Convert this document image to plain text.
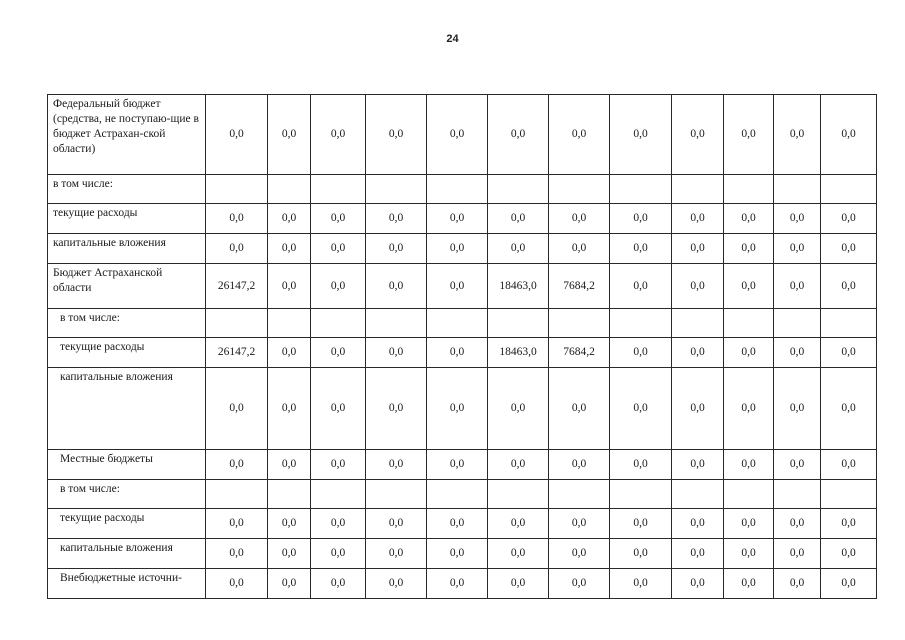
24
Федеральный бюджет (средства, не поступаю-щие в бюджет Астрахан-ской области)	0,0	0,0	0,0	0,0	0,0	0,0	0,0	0,0	0,0	0,0	0,0	0,0
в том числе:												
текущие расходы	0,0	0,0	0,0	0,0	0,0	0,0	0,0	0,0	0,0	0,0	0,0	0,0
капитальные вложения	0,0	0,0	0,0	0,0	0,0	0,0	0,0	0,0	0,0	0,0	0,0	0,0
Бюджет Астраханской области	26147,2	0,0	0,0	0,0	0,0	18463,0	7684,2	0,0	0,0	0,0	0,0	0,0
в том числе:												
текущие расходы	26147,2	0,0	0,0	0,0	0,0	18463,0	7684,2	0,0	0,0	0,0	0,0	0,0
капитальные вложения	0,0	0,0	0,0	0,0	0,0	0,0	0,0	0,0	0,0	0,0	0,0	0,0
Местные бюджеты	0,0	0,0	0,0	0,0	0,0	0,0	0,0	0,0	0,0	0,0	0,0	0,0
в том числе:												
текущие расходы	0,0	0,0	0,0	0,0	0,0	0,0	0,0	0,0	0,0	0,0	0,0	0,0
капитальные вложения	0,0	0,0	0,0	0,0	0,0	0,0	0,0	0,0	0,0	0,0	0,0	0,0
Внебюджетные источни-	0,0	0,0	0,0	0,0	0,0	0,0	0,0	0,0	0,0	0,0	0,0	0,0
